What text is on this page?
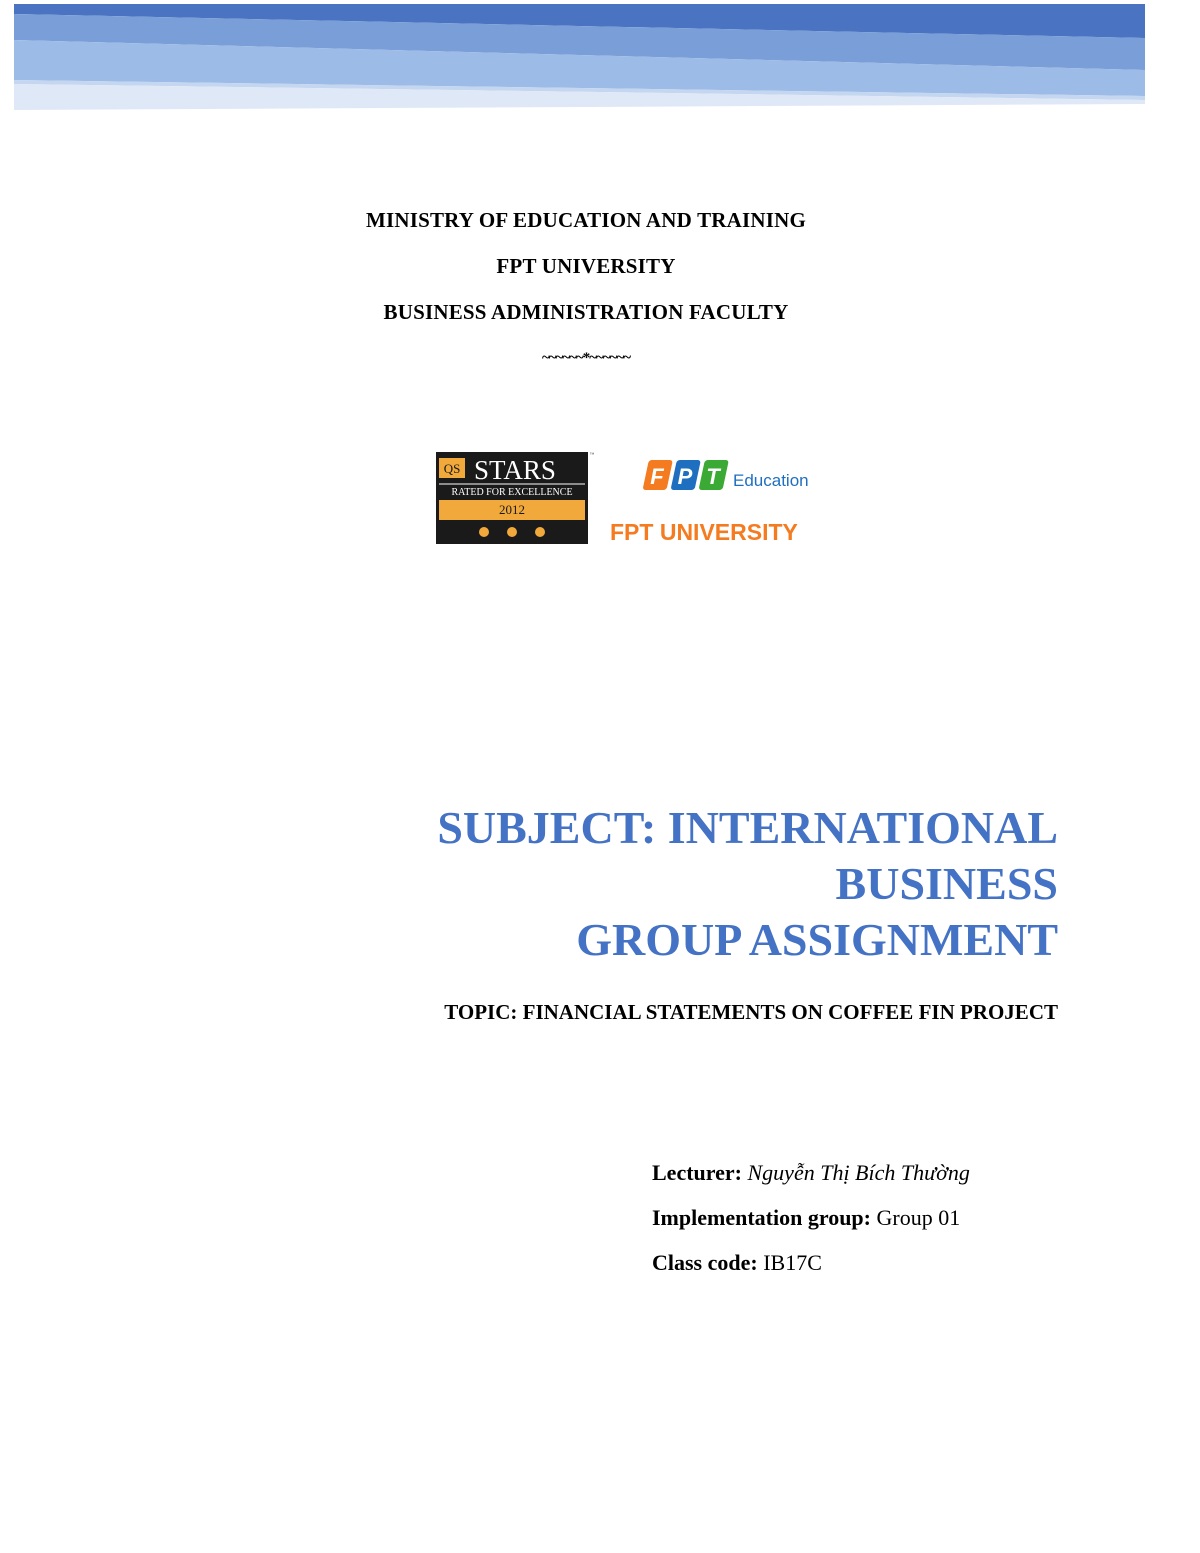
MINISTRY OF EDUCATION AND TRAINING
FPT UNIVERSITY
BUSINESS ADMINISTRATION FACULTY
~~~~~~*~~~~~~
QS STARS
RATED FOR EXCELLENCE
2012
™
F P T Education
FPT UNIVERSITY
SUBJECT: INTERNATIONAL
BUSINESS
GROUP ASSIGNMENT
TOPIC: FINANCIAL STATEMENTS ON COFFEE FIN PROJECT
Lecturer: Nguyễn Thị Bích Thường
Implementation group: Group 01
Class code: IB17C
